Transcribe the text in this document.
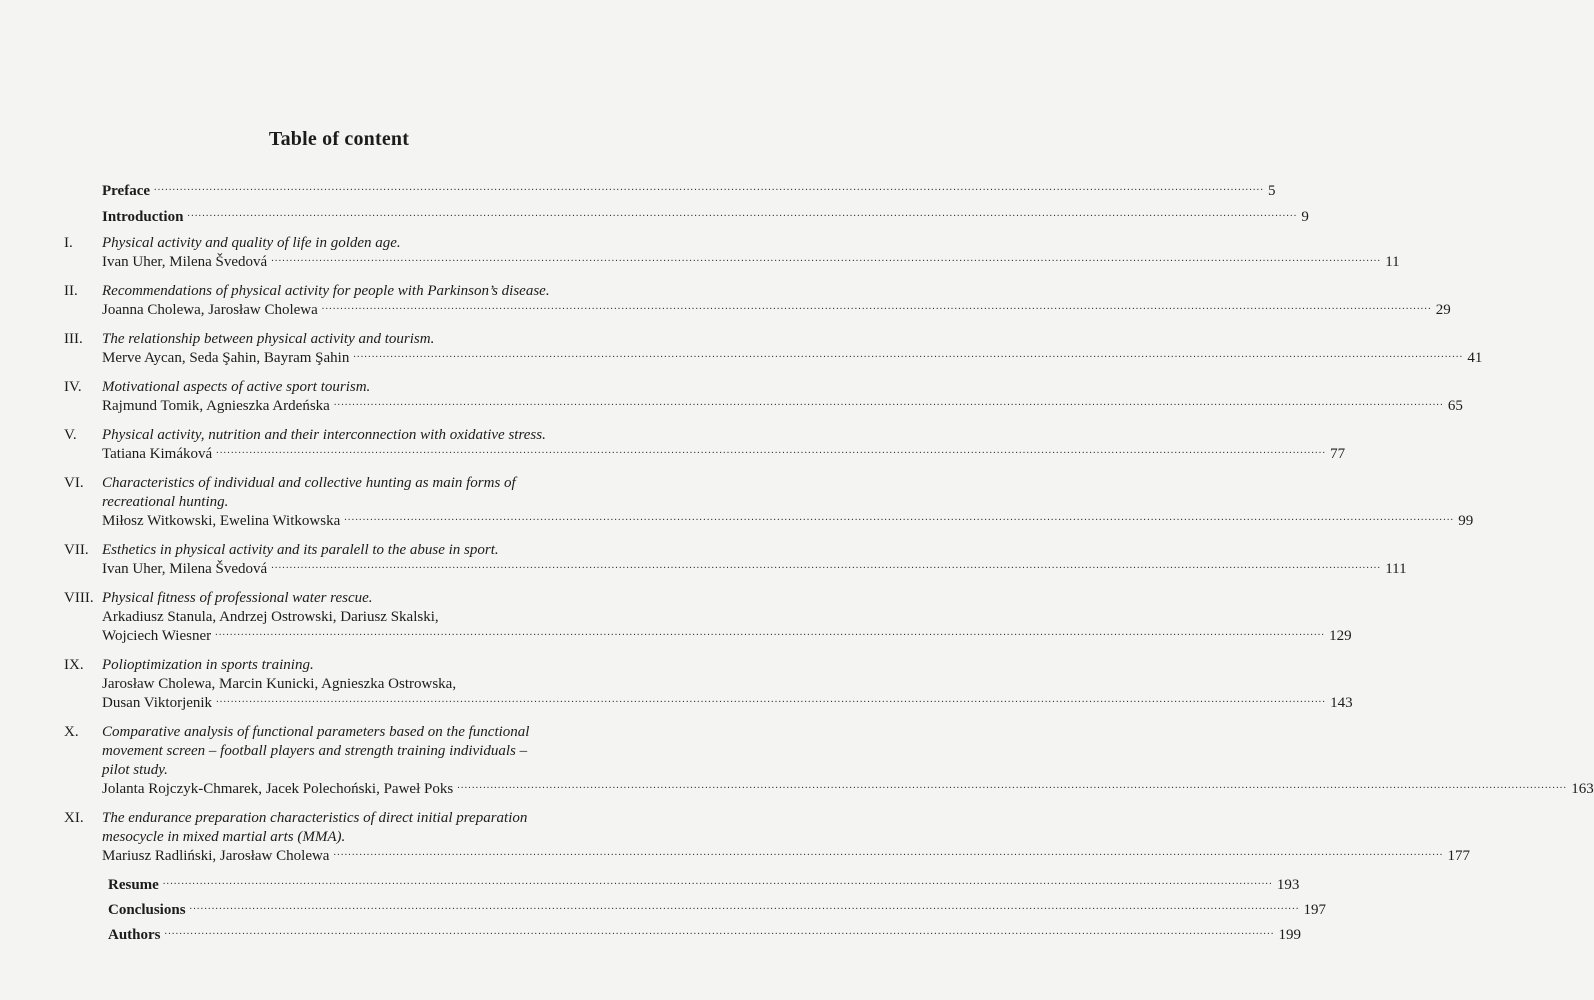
Table of content
Preface ............................................................................................................................................................................................................................................................................................................ 5
Introduction ............................................................................................................................................................................................................................................................................................................ 9
I.	Physical activity and quality of life in golden age.
Ivan Uher, Milena Švedová ............................................................................................................................................................................................................................................................................................................ 11
II.	Recommendations of physical activity for people with Parkinson’s disease.
Joanna Cholewa, Jarosław Cholewa ............................................................................................................................................................................................................................................................................................................ 29
III.	The relationship between physical activity and tourism.
Merve Aycan, Seda Şahin, Bayram Şahin ............................................................................................................................................................................................................................................................................................................ 41
IV.	Motivational aspects of active sport tourism.
Rajmund Tomik, Agnieszka Ardeńska ............................................................................................................................................................................................................................................................................................................ 65
V.	Physical activity, nutrition and their interconnection with oxidative stress.
Tatiana Kimáková ............................................................................................................................................................................................................................................................................................................ 77
VI.	Characteristics of individual and collective hunting as main forms of
recreational hunting.
Miłosz Witkowski, Ewelina Witkowska ............................................................................................................................................................................................................................................................................................................ 99
VII. Esthetics in physical activity and its paralell to the abuse in sport.
Ivan Uher, Milena Švedová ............................................................................................................................................................................................................................................................................................................ 111
VIII. Physical fitness of professional water rescue.
Arkadiusz Stanula, Andrzej Ostrowski, Dariusz Skalski,
Wojciech Wiesner ............................................................................................................................................................................................................................................................................................................ 129
IX.	Polioptimization in sports training.
Jarosław Cholewa, Marcin Kunicki, Agnieszka Ostrowska,
Dusan Viktorjenik ............................................................................................................................................................................................................................................................................................................ 143
X.	Comparative analysis of functional parameters based on the functional
movement screen – football players and strength training individuals –
pilot study.
Jolanta Rojczyk-Chmarek, Jacek Polechoński, Paweł Poks ............................................................................................................................................................................................................................................................................................................ 163
XI.	The endurance preparation characteristics of direct initial preparation
mesocycle in mixed martial arts (MMA).
Mariusz Radliński, Jarosław Cholewa ............................................................................................................................................................................................................................................................................................................ 177
Resume ............................................................................................................................................................................................................................................................................................................ 193
Conclusions ............................................................................................................................................................................................................................................................................................................ 197
Authors ............................................................................................................................................................................................................................................................................................................ 199
